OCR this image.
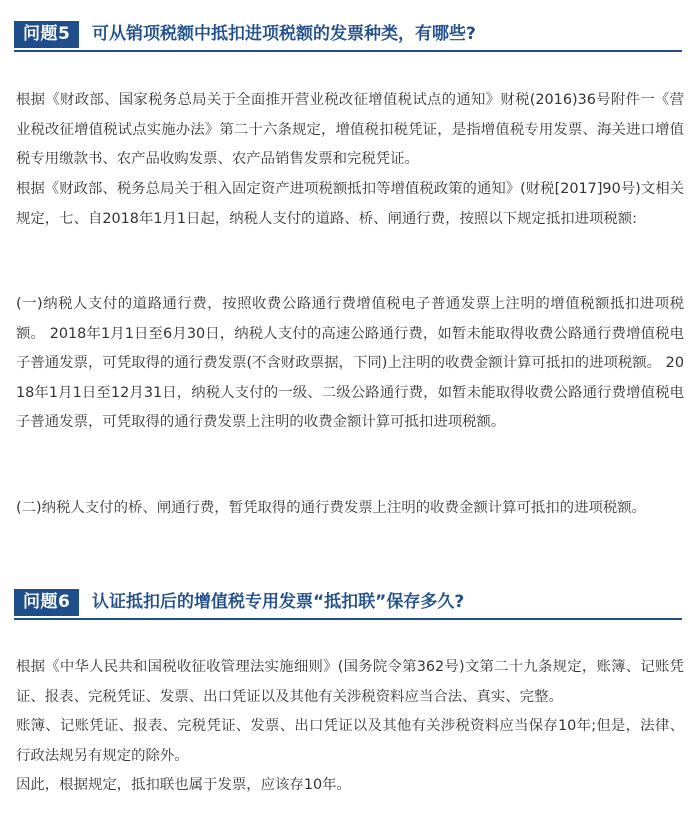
问题5	可从销项税额中抵扣进项税额的发票种类，有哪些?

根据《财政部、国家税务总局关于全面推开营业税改征增值税试点的通知》财税(2016)36号附件一《营业税改征增值税试点实施办法》第二十六条规定，增值税扣税凭证，是指增值税专用发票、海关进口增值税专用缴款书、农产品收购发票、农产品销售发票和完税凭证。

根据《财政部、税务总局关于租入固定资产进项税额抵扣等增值税政策的通知》(财税[2017]90号)文相关规定，七、自2018年1月1日起，纳税人支付的道路、桥、闸通行费，按照以下规定抵扣进项税额:

(一)纳税人支付的道路通行费，按照收费公路通行费增值税电子普通发票上注明的增值税额抵扣进项税额。 2018年1月1日至6月30日，纳税人支付的高速公路通行费，如暂未能取得收费公路通行费增值税电子普通发票，可凭取得的通行费发票(不含财政票据，下同)上注明的收费金额计算可抵扣的进项税额。 2018年1月1日至12月31日，纳税人支付的一级、二级公路通行费，如暂未能取得收费公路通行费增值税电子普通发票，可凭取得的通行费发票上注明的收费金额计算可抵扣进项税额。

(二)纳税人支付的桥、闸通行费，暂凭取得的通行费发票上注明的收费金额计算可抵扣的进项税额。

问题6	认证抵扣后的增值税专用发票“抵扣联”保存多久?

根据《中华人民共和国税收征收管理法实施细则》(国务院令第362号)文第二十九条规定，账簿、记账凭证、报表、完税凭证、发票、出口凭证以及其他有关涉税资料应当合法、真实、完整。

账簿、记账凭证、报表、完税凭证、发票、出口凭证以及其他有关涉税资料应当保存10年;但是，法律、行政法规另有规定的除外。

因此，根据规定，抵扣联也属于发票，应该存10年。
